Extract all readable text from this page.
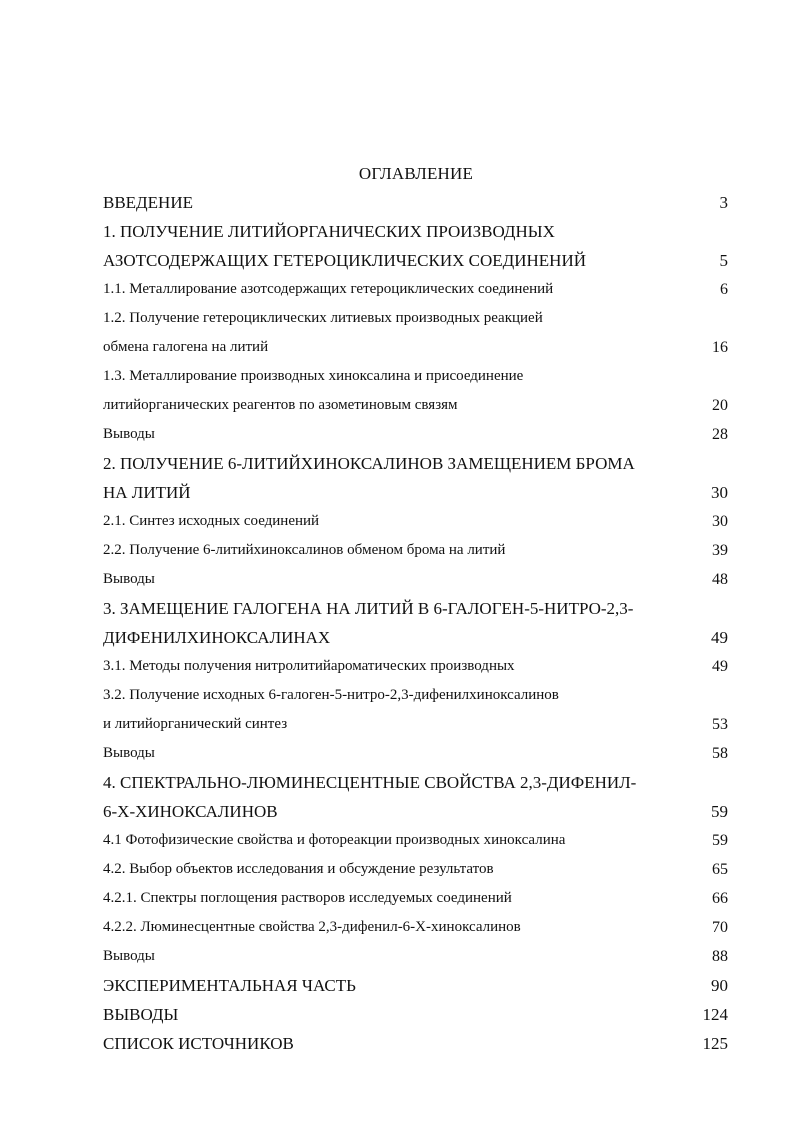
ОГЛАВЛЕНИЕ
ВВЕДЕНИЕ	3
1. ПОЛУЧЕНИЕ ЛИТИЙОРГАНИЧЕСКИХ ПРОИЗВОДНЫХ
АЗОТСОДЕРЖАЩИХ ГЕТЕРОЦИКЛИЧЕСКИХ СОЕДИНЕНИЙ	5
1.1. Металлирование азотсодержащих гетероциклических соединений	6
1.2. Получение гетероциклических литиевых производных реакцией
обмена галогена на литий	16
1.3. Металлирование производных хиноксалина и присоединение
литийорганических реагентов по азометиновым связям	20
Выводы	28
2. ПОЛУЧЕНИЕ 6-ЛИТИЙХИНОКСАЛИНОВ ЗАМЕЩЕНИЕМ БРОМА
НА ЛИТИЙ	30
2.1. Синтез исходных соединений	30
2.2. Получение 6-литийхиноксалинов обменом брома на литий	39
Выводы	48
3. ЗАМЕЩЕНИЕ ГАЛОГЕНА НА ЛИТИЙ В 6-ГАЛОГЕН-5-НИТРО-2,3-
ДИФЕНИЛХИНОКСАЛИНАХ	49
3.1. Методы получения нитролитийароматических производных	49
3.2. Получение исходных 6-галоген-5-нитро-2,3-дифенилхиноксалинов
и литийорганический синтез	53
Выводы	58
4. СПЕКТРАЛЬНО-ЛЮМИНЕСЦЕНТНЫЕ СВОЙСТВА 2,3-ДИФЕНИЛ-
6-Х-ХИНОКСАЛИНОВ	59
4.1 Фотофизические свойства и фотореакции производных хиноксалина	59
4.2. Выбор объектов исследования и обсуждение результатов	65
4.2.1. Спектры поглощения растворов исследуемых соединений	66
4.2.2. Люминесцентные свойства 2,3-дифенил-6-Х-хиноксалинов	70
Выводы	88
ЭКСПЕРИМЕНТАЛЬНАЯ ЧАСТЬ	90
ВЫВОДЫ	124
СПИСОК ИСТОЧНИКОВ	125
